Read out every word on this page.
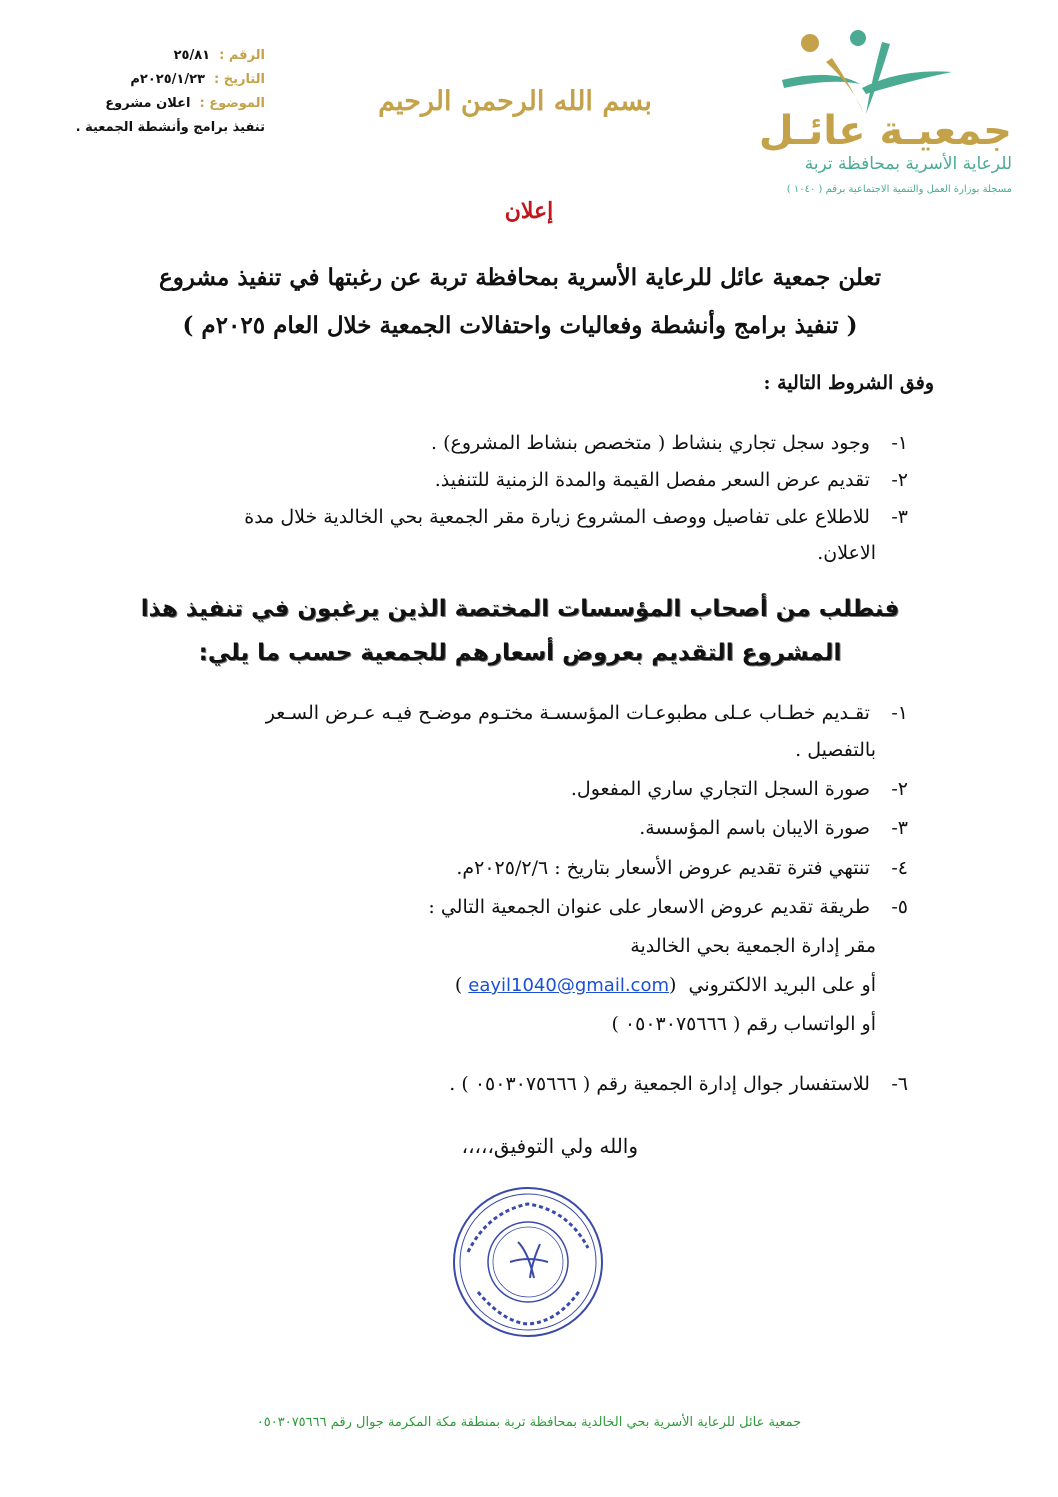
الرقم :  ٢٥/٨١
التاريخ :  ٢٠٢٥/١/٢٣م
الموضوع :  اعلان مشروع
تنفيذ برامج وأنشطة الجمعية .
بسم الله الرحمن الرحيم
جمعيـة عائـل
للرعاية الأسرية بمحافظة تربة
مسجلة بوزارة العمل والتنمية الاجتماعية برقم ( ١٠٤٠ )
إعلان
تعلن جمعية عائل للرعاية الأسرية بمحافظة تربة عن رغبتها في تنفيذ مشروع
( تنفيذ برامج وأنشطة وفعاليات واحتفالات الجمعية خلال العام ٢٠٢٥م )
وفق الشروط التالية :
١- وجود سجل تجاري بنشاط ( متخصص بنشاط المشروع) .
٢- تقديم عرض السعر مفصل القيمة والمدة الزمنية للتنفيذ.
٣- للاطلاع على تفاصيل ووصف المشروع زيارة مقر الجمعية بحي الخالدية خلال مدة
الاعلان.
فنطلب من أصحاب المؤسسات المختصة الذين يرغبون في تنفيذ هذا
المشروع التقديم بعروض أسعارهم للجمعية حسب ما يلي:
١- تقـديم خطـاب عـلى مطبوعـات المؤسسـة مختـوم موضـح فيـه عـرض السـعر
بالتفصيل .
٢- صورة السجل التجاري ساري المفعول.
٣- صورة الايبان باسم المؤسسة.
٤- تنتهي فترة تقديم عروض الأسعار بتاريخ : ٢٠٢٥/٢/٦م.
٥- طريقة تقديم عروض الاسعار على عنوان الجمعية التالي :
مقر إدارة الجمعية بحي الخالدية
أو على البريد الالكتروني  (eayil1040@gmail.com )
أو الواتساب رقم ( ٠٥٠٣٠٧٥٦٦٦ )
٦- للاستفسار جوال إدارة الجمعية رقم ( ٠٥٠٣٠٧٥٦٦٦ ) .
والله ولي التوفيق،،،،،
جمعية عائل للرعاية الأسرية بحي الخالدية بمحافظة تربة بمنطقة مكة المكرمة جوال رقم ٠٥٠٣٠٧٥٦٦٦
